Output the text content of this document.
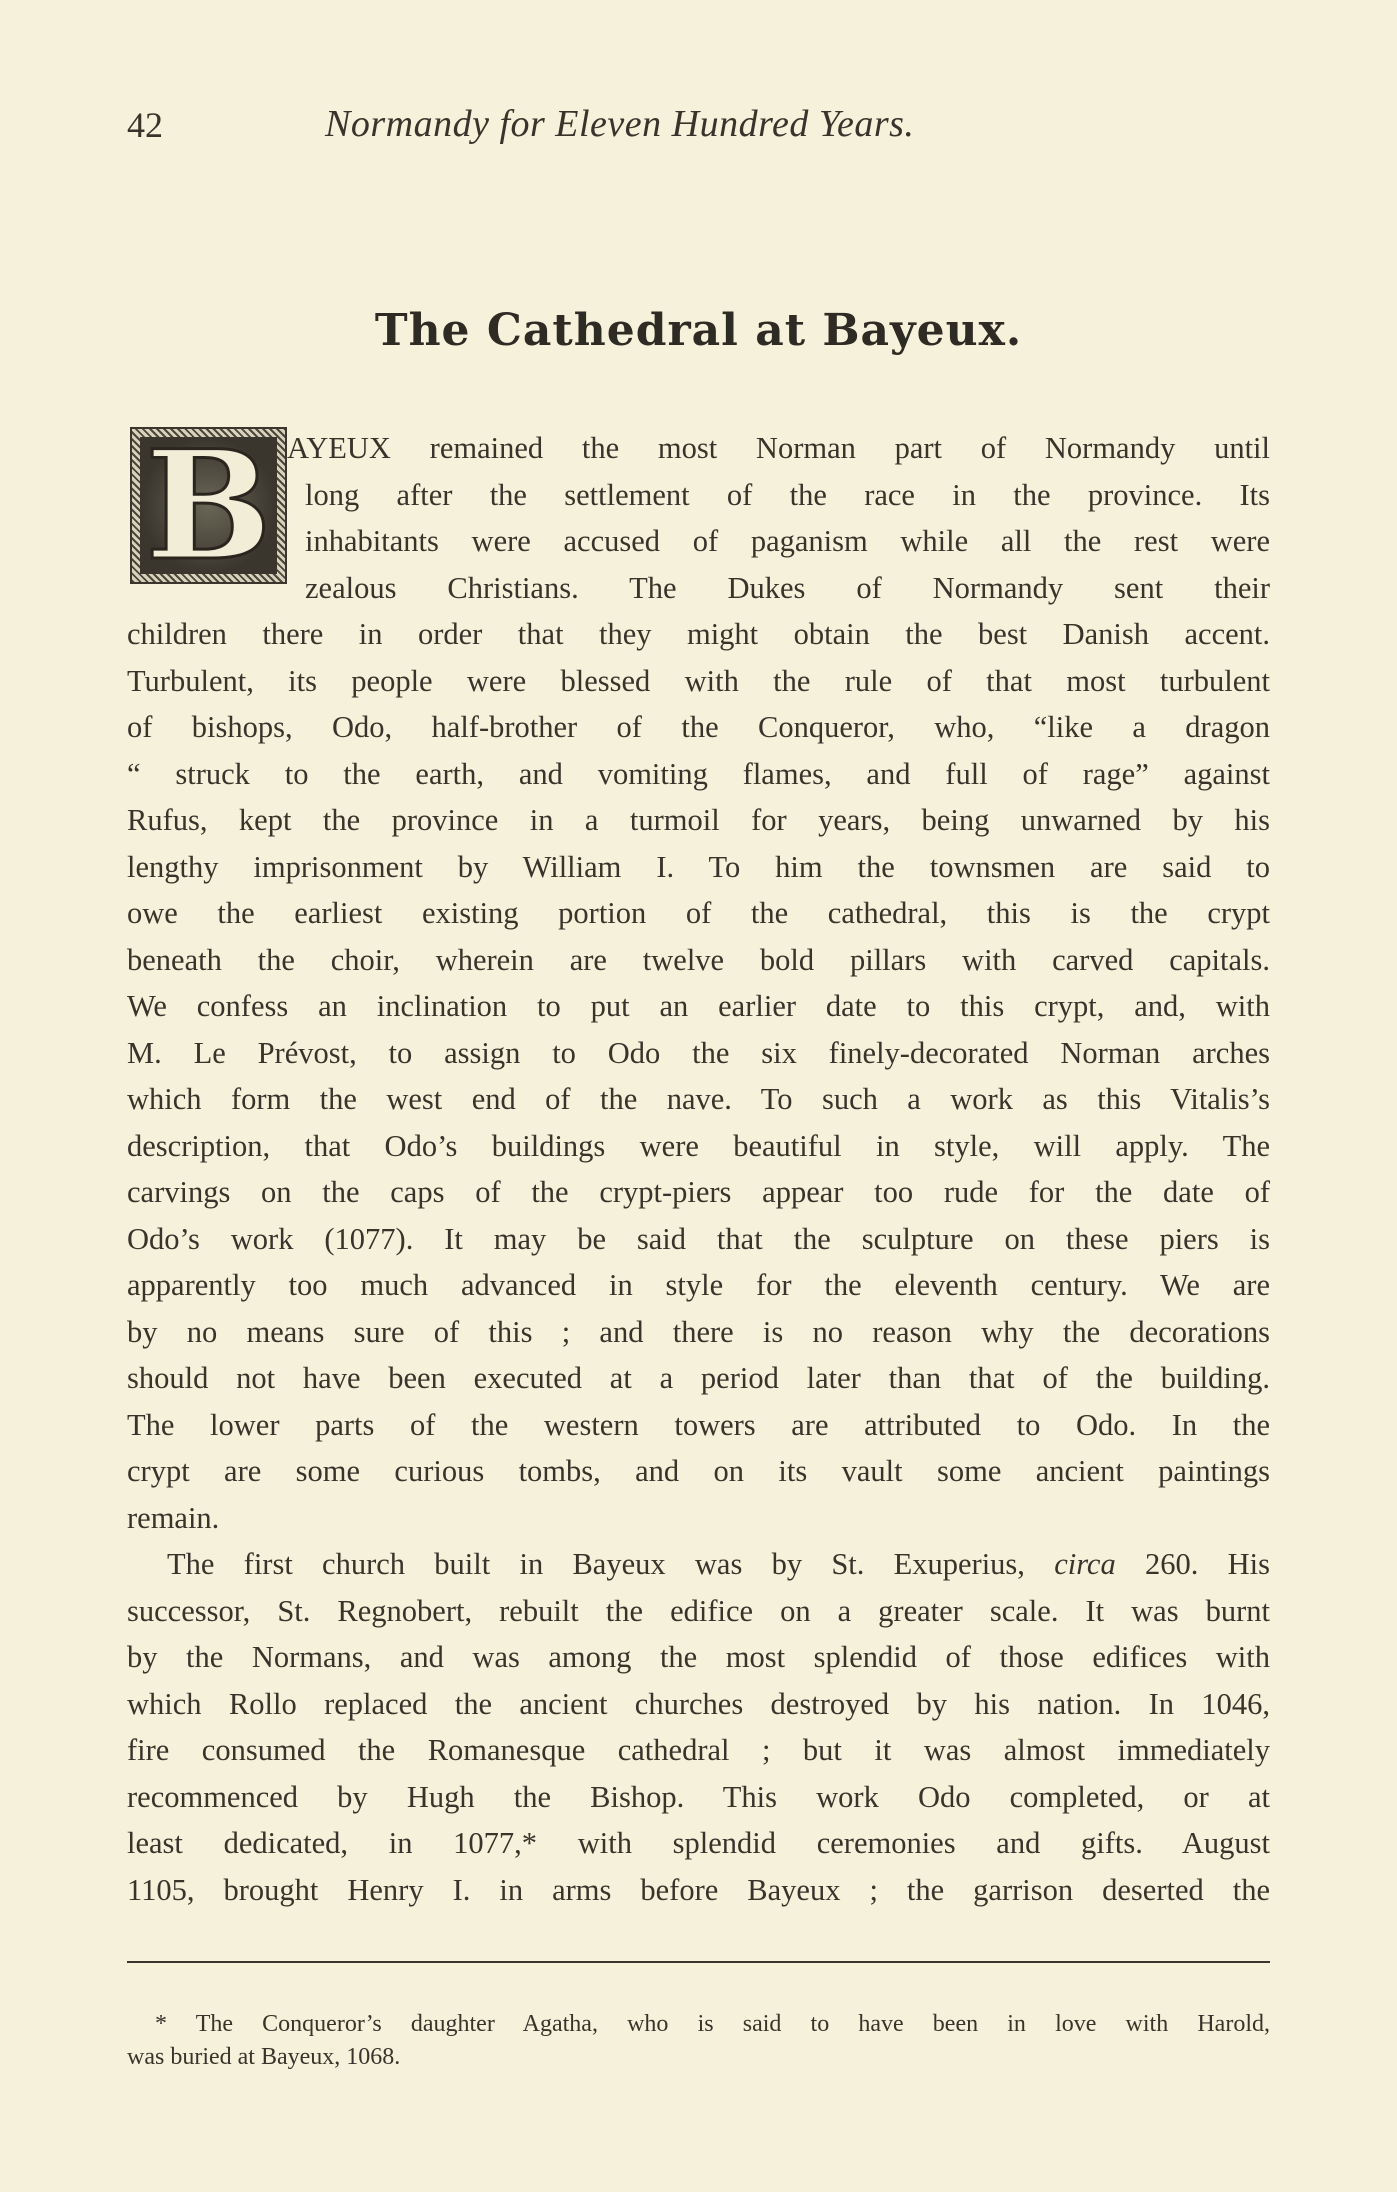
42	Normandy for Eleven Hundred Years.
The Cathedral at Bayeux.
B AYEUX remained the most Norman part of Normandy until
long after the settlement of the race in the province. Its
inhabitants were accused of paganism while all the rest were
zealous Christians. The Dukes of Normandy sent their
children there in order that they might obtain the best Danish accent.
Turbulent, its people were blessed with the rule of that most turbulent
of bishops, Odo, half-brother of the Conqueror, who, “like a dragon
“ struck to the earth, and vomiting flames, and full of rage” against
Rufus, kept the province in a turmoil for years, being unwarned by his
lengthy imprisonment by William I. To him the townsmen are said to
owe the earliest existing portion of the cathedral, this is the crypt
beneath the choir, wherein are twelve bold pillars with carved capitals.
We confess an inclination to put an earlier date to this crypt, and, with
M. Le Prévost, to assign to Odo the six finely-decorated Norman arches
which form the west end of the nave. To such a work as this Vitalis’s
description, that Odo’s buildings were beautiful in style, will apply. The
carvings on the caps of the crypt-piers appear too rude for the date of
Odo’s work (1077). It may be said that the sculpture on these piers is
apparently too much advanced in style for the eleventh century. We are
by no means sure of this ; and there is no reason why the decorations
should not have been executed at a period later than that of the building.
The lower parts of the western towers are attributed to Odo. In the
crypt are some curious tombs, and on its vault some ancient paintings
remain.
The first church built in Bayeux was by St. Exuperius, circa 260. His
successor, St. Regnobert, rebuilt the edifice on a greater scale. It was burnt
by the Normans, and was among the most splendid of those edifices with
which Rollo replaced the ancient churches destroyed by his nation. In 1046,
fire consumed the Romanesque cathedral ; but it was almost immediately
recommenced by Hugh the Bishop. This work Odo completed, or at
least dedicated, in 1077,* with splendid ceremonies and gifts. August
1105, brought Henry I. in arms before Bayeux ; the garrison deserted the
* The Conqueror’s daughter Agatha, who is said to have been in love with Harold,
was buried at Bayeux, 1068.
